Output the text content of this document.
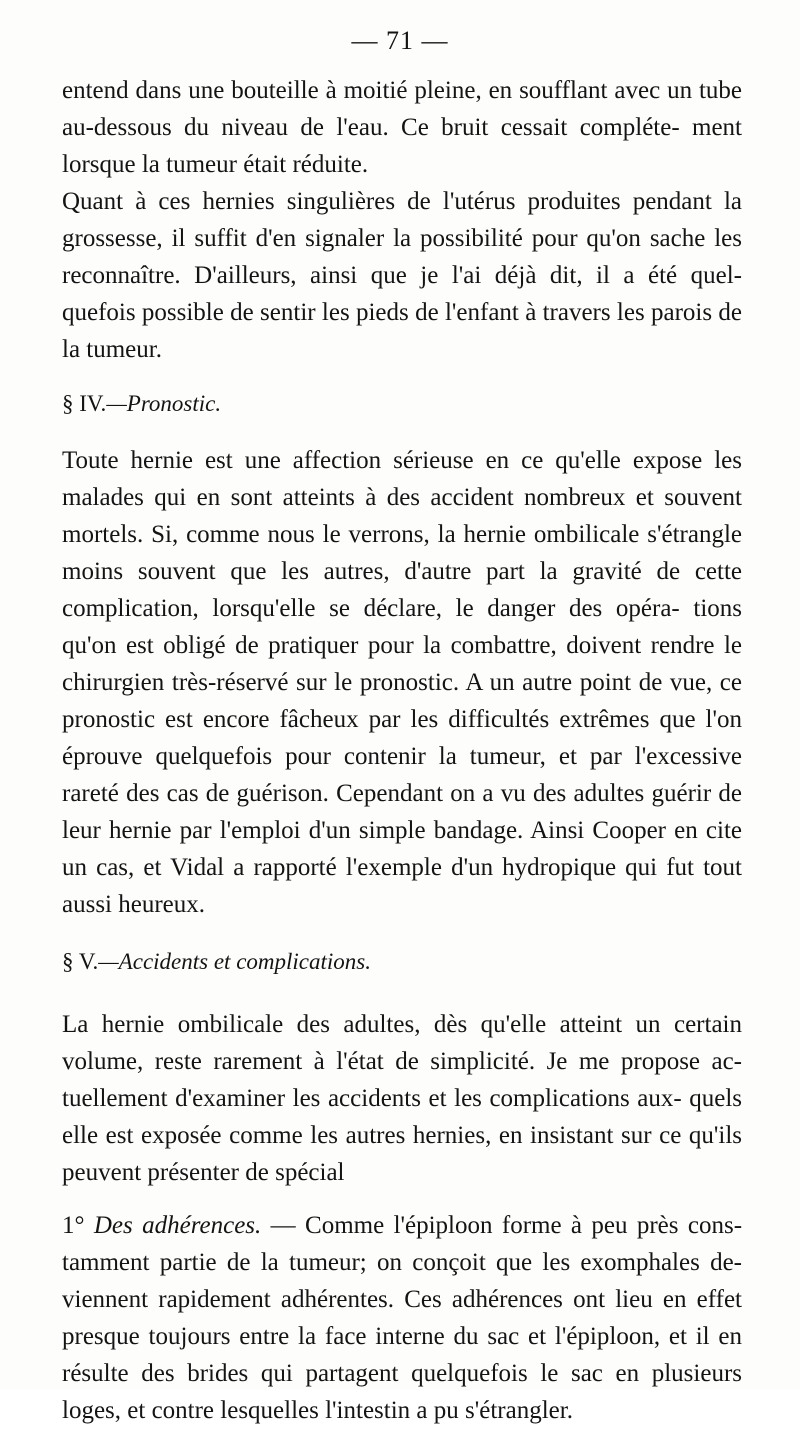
— 71 —

entend dans une bouteille à moitié pleine, en soufflant avec un tube au-dessous du niveau de l'eau. Ce bruit cessait compléte- ment lorsque la tumeur était réduite.

Quant à ces hernies singulières de l'utérus produites pendant la grossesse, il suffit d'en signaler la possibilité pour qu'on sache les reconnaître. D'ailleurs, ainsi que je l'ai déjà dit, il a été quel- quefois possible de sentir les pieds de l'enfant à travers les parois de la tumeur.

§ IV.—Pronostic.

Toute hernie est une affection sérieuse en ce qu'elle expose les malades qui en sont atteints à des accident nombreux et souvent mortels. Si, comme nous le verrons, la hernie ombilicale s'étrangle moins souvent que les autres, d'autre part la gravité de cette complication, lorsqu'elle se déclare, le danger des opéra- tions qu'on est obligé de pratiquer pour la combattre, doivent rendre le chirurgien très-réservé sur le pronostic. A un autre point de vue, ce pronostic est encore fâcheux par les difficultés extrêmes que l'on éprouve quelquefois pour contenir la tumeur, et par l'excessive rareté des cas de guérison. Cependant on a vu des adultes guérir de leur hernie par l'emploi d'un simple bandage. Ainsi Cooper en cite un cas, et Vidal a rapporté l'exemple d'un hydropique qui fut tout aussi heureux.

§ V.—Accidents et complications.

La hernie ombilicale des adultes, dès qu'elle atteint un certain volume, reste rarement à l'état de simplicité. Je me propose ac- tuellement d'examiner les accidents et les complications aux- quels elle est exposée comme les autres hernies, en insistant sur ce qu'ils peuvent présenter de spécial

1° Des adhérences. — Comme l'épiploon forme à peu près cons- tamment partie de la tumeur; on conçoit que les exomphales de- viennent rapidement adhérentes. Ces adhérences ont lieu en effet presque toujours entre la face interne du sac et l'épiploon, et il en résulte des brides qui partagent quelquefois le sac en plusieurs loges, et contre lesquelles l'intestin a pu s'étrangler.
